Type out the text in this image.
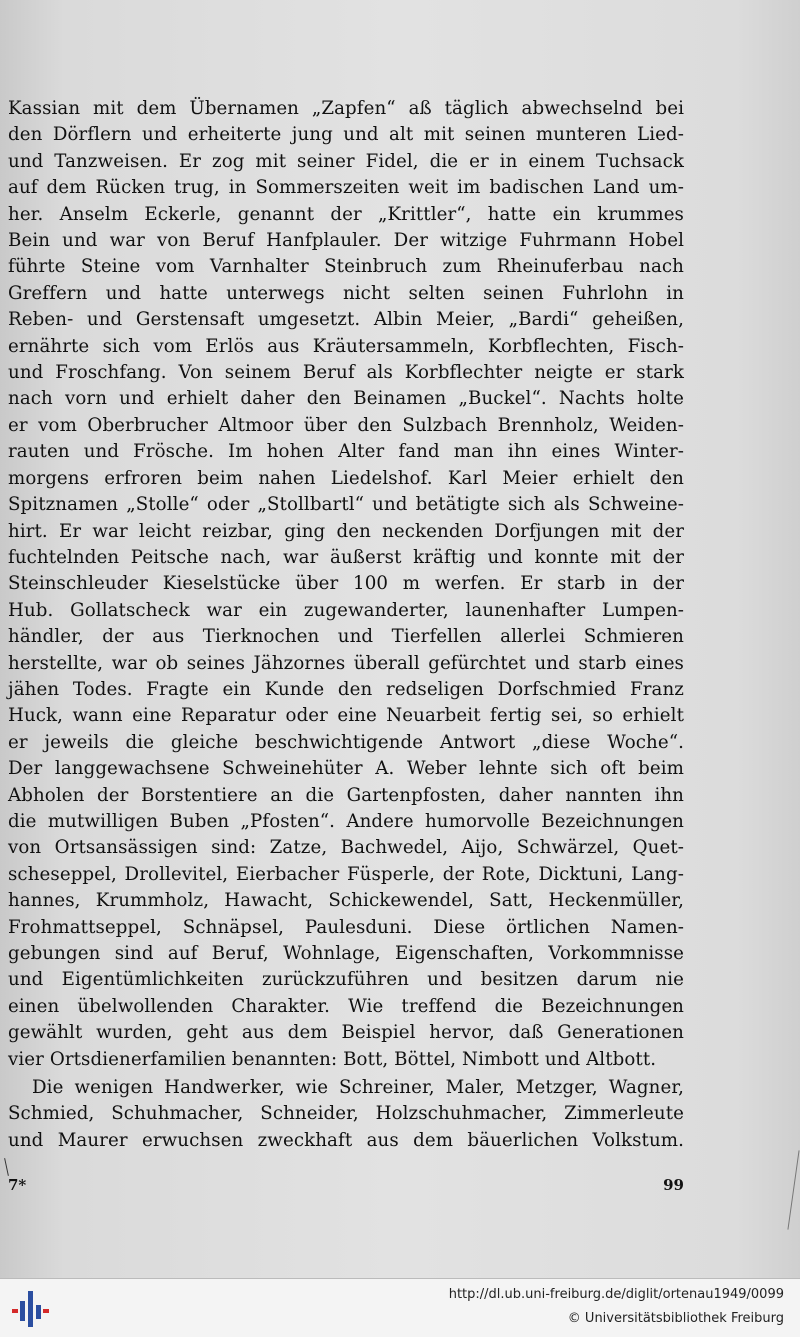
Kassian mit dem Übernamen „Zapfen“ aß täglich abwechselnd bei

den Dörflern und erheiterte jung und alt mit seinen munteren Lied-

und Tanzweisen. Er zog mit seiner Fidel, die er in einem Tuchsack

auf dem Rücken trug, in Sommerszeiten weit im badischen Land um-

her. Anselm Eckerle, genannt der „Krittler“, hatte ein krummes

Bein und war von Beruf Hanfplauler. Der witzige Fuhrmann Hobel

führte Steine vom Varnhalter Steinbruch zum Rheinuferbau nach

Greffern und hatte unterwegs nicht selten seinen Fuhrlohn in

Reben- und Gerstensaft umgesetzt. Albin Meier, „Bardi“ geheißen,

ernährte sich vom Erlös aus Kräutersammeln, Korbflechten, Fisch-

und Froschfang. Von seinem Beruf als Korbflechter neigte er stark

nach vorn und erhielt daher den Beinamen „Buckel“. Nachts holte

er vom Oberbrucher Altmoor über den Sulzbach Brennholz, Weiden-

rauten und Frösche. Im hohen Alter fand man ihn eines Winter-

morgens erfroren beim nahen Liedelshof. Karl Meier erhielt den

Spitznamen „Stolle“ oder „Stollbartl“ und betätigte sich als Schweine-

hirt. Er war leicht reizbar, ging den neckenden Dorfjungen mit der

fuchtelnden Peitsche nach, war äußerst kräftig und konnte mit der

Steinschleuder Kieselstücke über 100 m werfen. Er starb in der

Hub. Gollatscheck war ein zugewanderter, launenhafter Lumpen-

händler, der aus Tierknochen und Tierfellen allerlei Schmieren

herstellte, war ob seines Jähzornes überall gefürchtet und starb eines

jähen Todes. Fragte ein Kunde den redseligen Dorfschmied Franz

Huck, wann eine Reparatur oder eine Neuarbeit fertig sei, so erhielt

er jeweils die gleiche beschwichtigende Antwort „diese Woche“.

Der langgewachsene Schweinehüter A. Weber lehnte sich oft beim

Abholen der Borstentiere an die Gartenpfosten, daher nannten ihn

die mutwilligen Buben „Pfosten“. Andere humorvolle Bezeichnungen

von Ortsansässigen sind: Zatze, Bachwedel, Aijo, Schwärzel, Quet-

scheseppel, Drollevitel, Eierbacher Füsperle, der Rote, Dicktuni, Lang-

hannes, Krummholz, Hawacht, Schickewendel, Satt, Heckenmüller,

Frohmattseppel, Schnäpsel, Paulesduni. Diese örtlichen Namen-

gebungen sind auf Beruf, Wohnlage, Eigenschaften, Vorkommnisse

und Eigentümlichkeiten zurückzuführen und besitzen darum nie

einen übelwollenden Charakter. Wie treffend die Bezeichnungen

gewählt wurden, geht aus dem Beispiel hervor, daß Generationen

vier Ortsdienerfamilien benannten: Bott, Böttel, Nimbott und Altbott.

Die wenigen Handwerker, wie Schreiner, Maler, Metzger, Wagner,

Schmied, Schuhmacher, Schneider, Holzschuhmacher, Zimmerleute

und Maurer erwuchsen zweckhaft aus dem bäuerlichen Volkstum.

7*	99
http://dl.ub.uni-freiburg.de/diglit/ortenau1949/0099
© Universitätsbibliothek Freiburg
